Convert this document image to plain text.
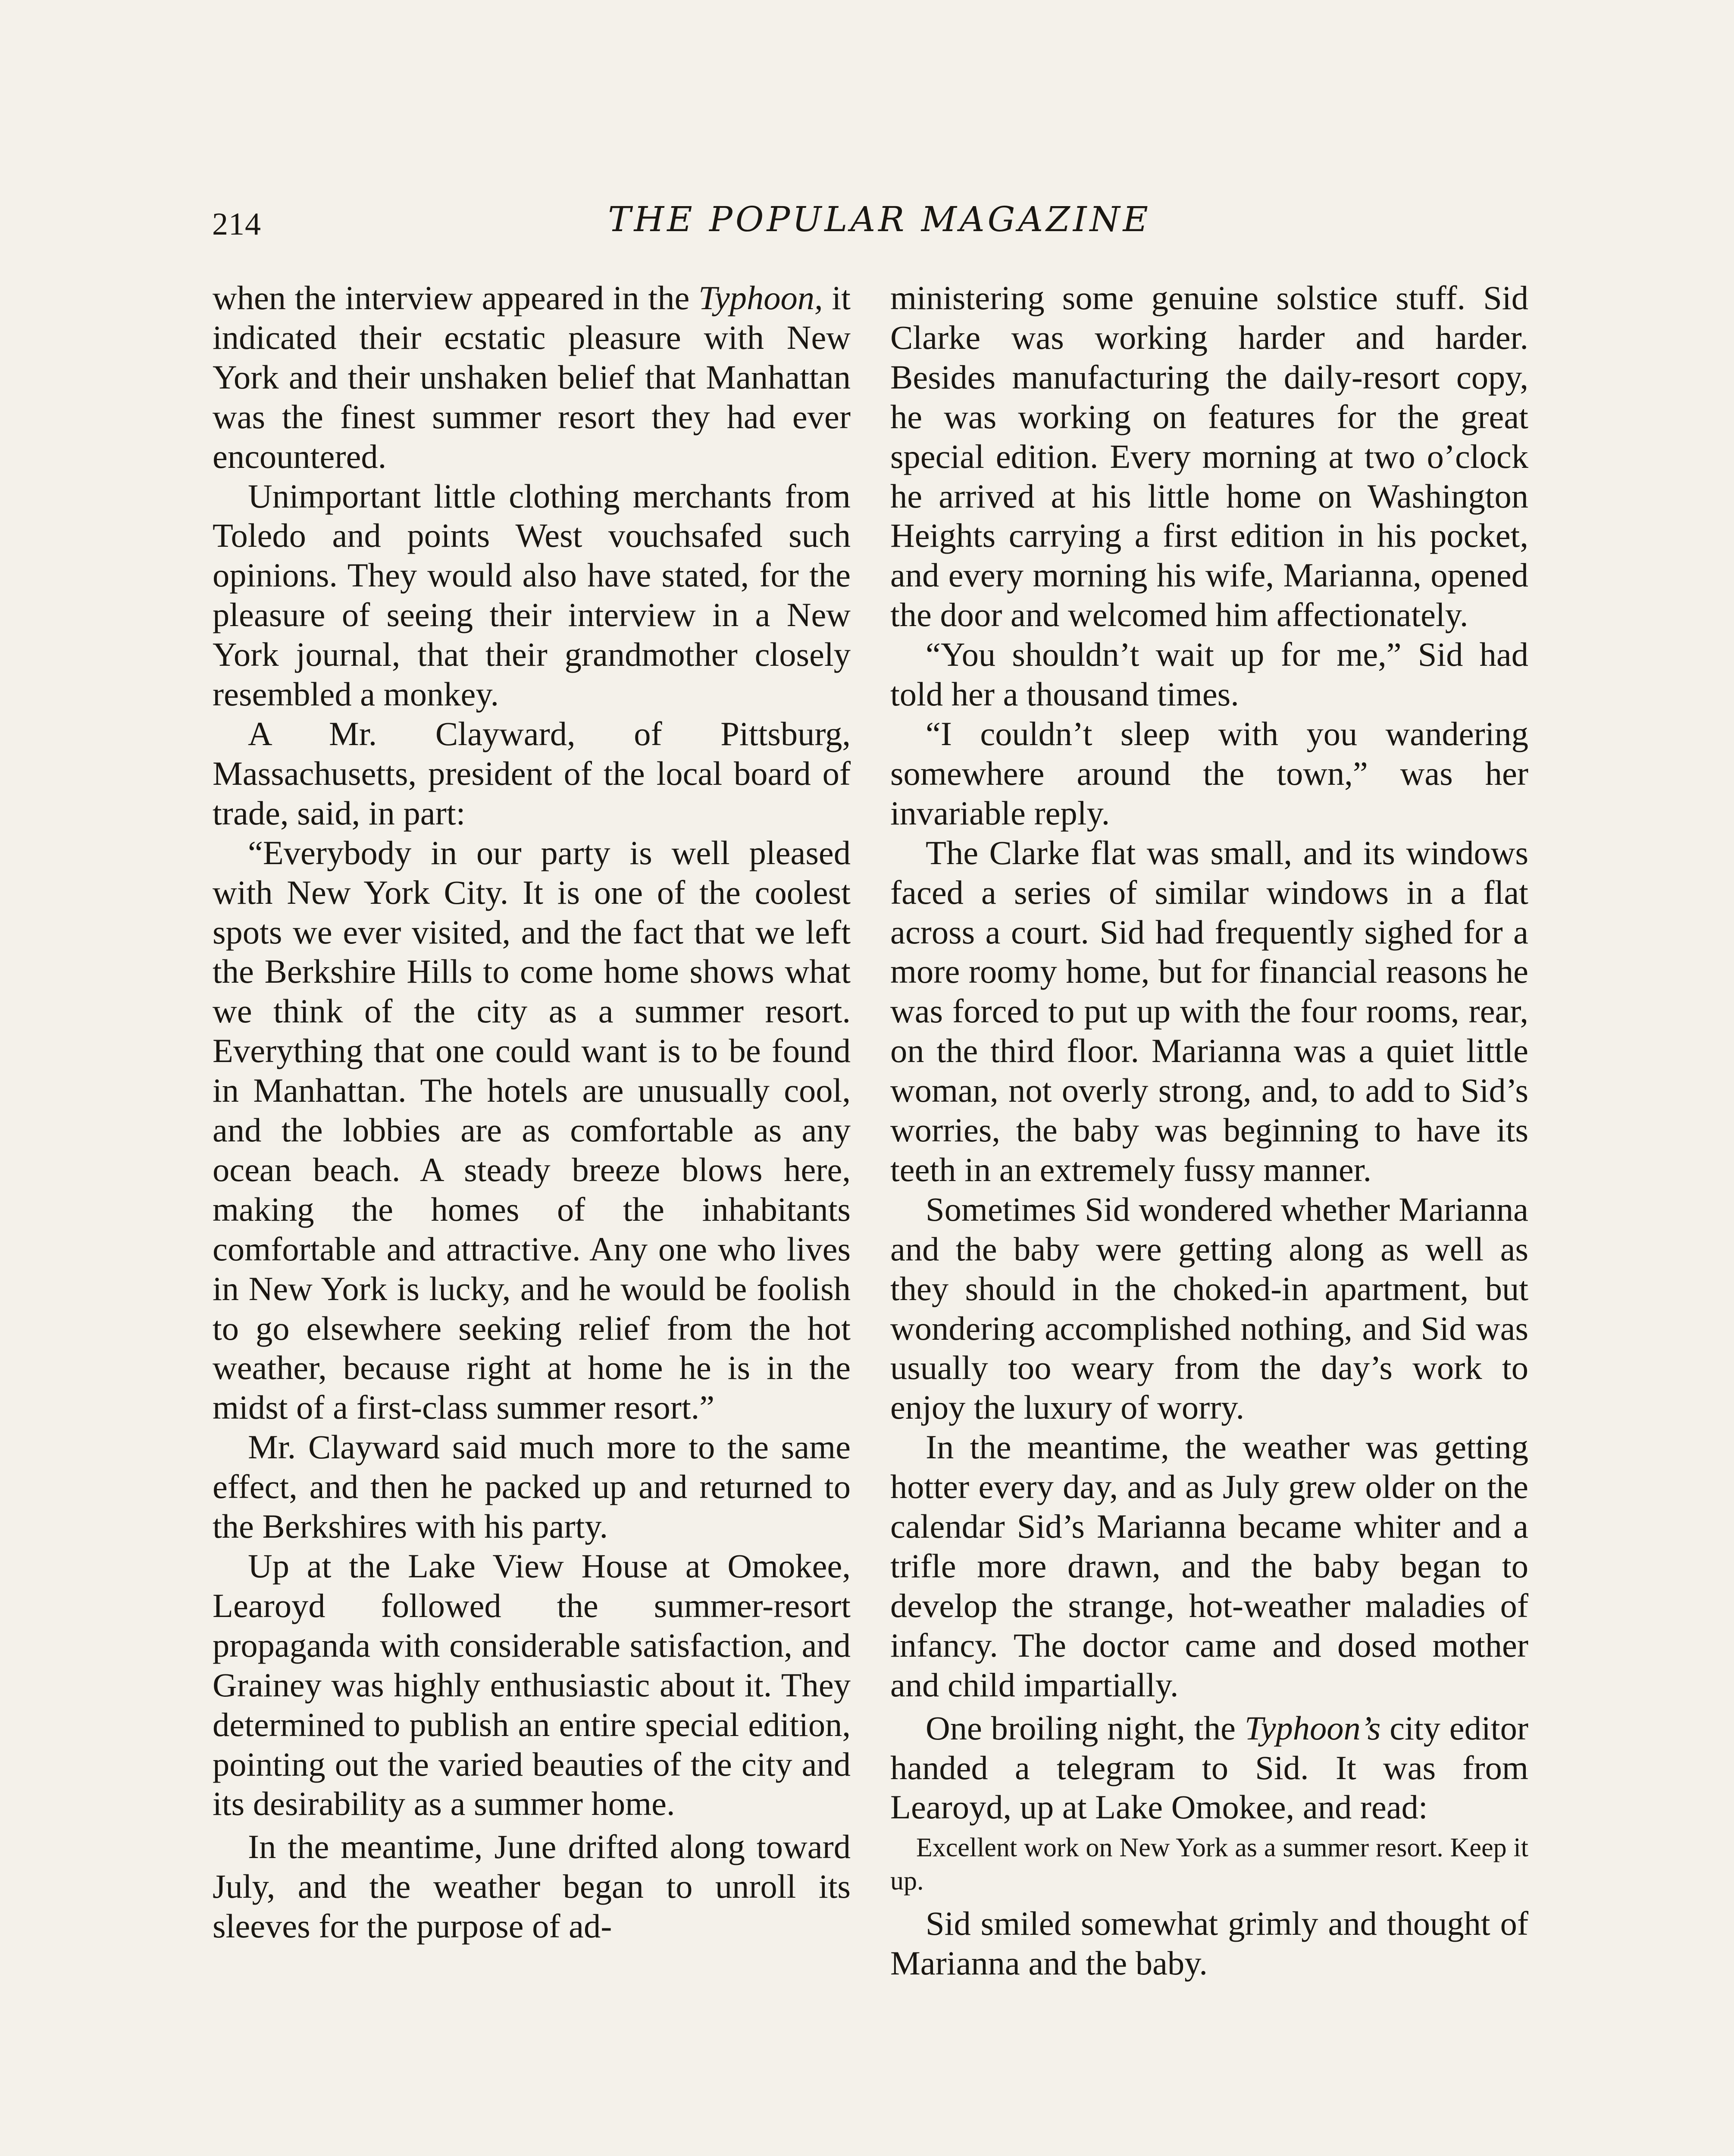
214	THE POPULAR MAGAZINE

when the interview appeared in the Typhoon, it indicated their ecstatic pleasure with New York and their unshaken belief that Manhattan was the finest summer resort they had ever encountered.

Unimportant little clothing merchants from Toledo and points West vouchsafed such opinions. They would also have stated, for the pleasure of seeing their interview in a New York journal, that their grandmother closely resembled a monkey.

A Mr. Clayward, of Pittsburg, Massachusetts, president of the local board of trade, said, in part:

“Everybody in our party is well pleased with New York City. It is one of the coolest spots we ever visited, and the fact that we left the Berkshire Hills to come home shows what we think of the city as a summer resort. Everything that one could want is to be found in Manhattan. The hotels are unusually cool, and the lobbies are as comfortable as any ocean beach. A steady breeze blows here, making the homes of the inhabitants comfortable and attractive. Any one who lives in New York is lucky, and he would be foolish to go elsewhere seeking relief from the hot weather, because right at home he is in the midst of a first-class summer resort.”

Mr. Clayward said much more to the same effect, and then he packed up and returned to the Berkshires with his party.

Up at the Lake View House at Omokee, Learoyd followed the summer-resort propaganda with considerable satisfaction, and Grainey was highly enthusiastic about it. They determined to publish an entire special edition, pointing out the varied beauties of the city and its desirability as a summer home.

In the meantime, June drifted along toward July, and the weather began to unroll its sleeves for the purpose of ad-

ministering some genuine solstice stuff. Sid Clarke was working harder and harder. Besides manufacturing the daily-resort copy, he was working on features for the great special edition. Every morning at two o’clock he arrived at his little home on Washington Heights carrying a first edition in his pocket, and every morning his wife, Marianna, opened the door and welcomed him affectionately.

“You shouldn’t wait up for me,” Sid had told her a thousand times.

“I couldn’t sleep with you wandering somewhere around the town,” was her invariable reply.

The Clarke flat was small, and its windows faced a series of similar windows in a flat across a court. Sid had frequently sighed for a more roomy home, but for financial reasons he was forced to put up with the four rooms, rear, on the third floor. Marianna was a quiet little woman, not overly strong, and, to add to Sid’s worries, the baby was beginning to have its teeth in an extremely fussy manner.

Sometimes Sid wondered whether Marianna and the baby were getting along as well as they should in the choked-in apartment, but wondering accomplished nothing, and Sid was usually too weary from the day’s work to enjoy the luxury of worry.

In the meantime, the weather was getting hotter every day, and as July grew older on the calendar Sid’s Marianna became whiter and a trifle more drawn, and the baby began to develop the strange, hot-weather maladies of infancy. The doctor came and dosed mother and child impartially.

One broiling night, the Typhoon’s city editor handed a telegram to Sid. It was from Learoyd, up at Lake Omokee, and read:

Excellent work on New York as a summer resort. Keep it up.

Sid smiled somewhat grimly and thought of Marianna and the baby.
